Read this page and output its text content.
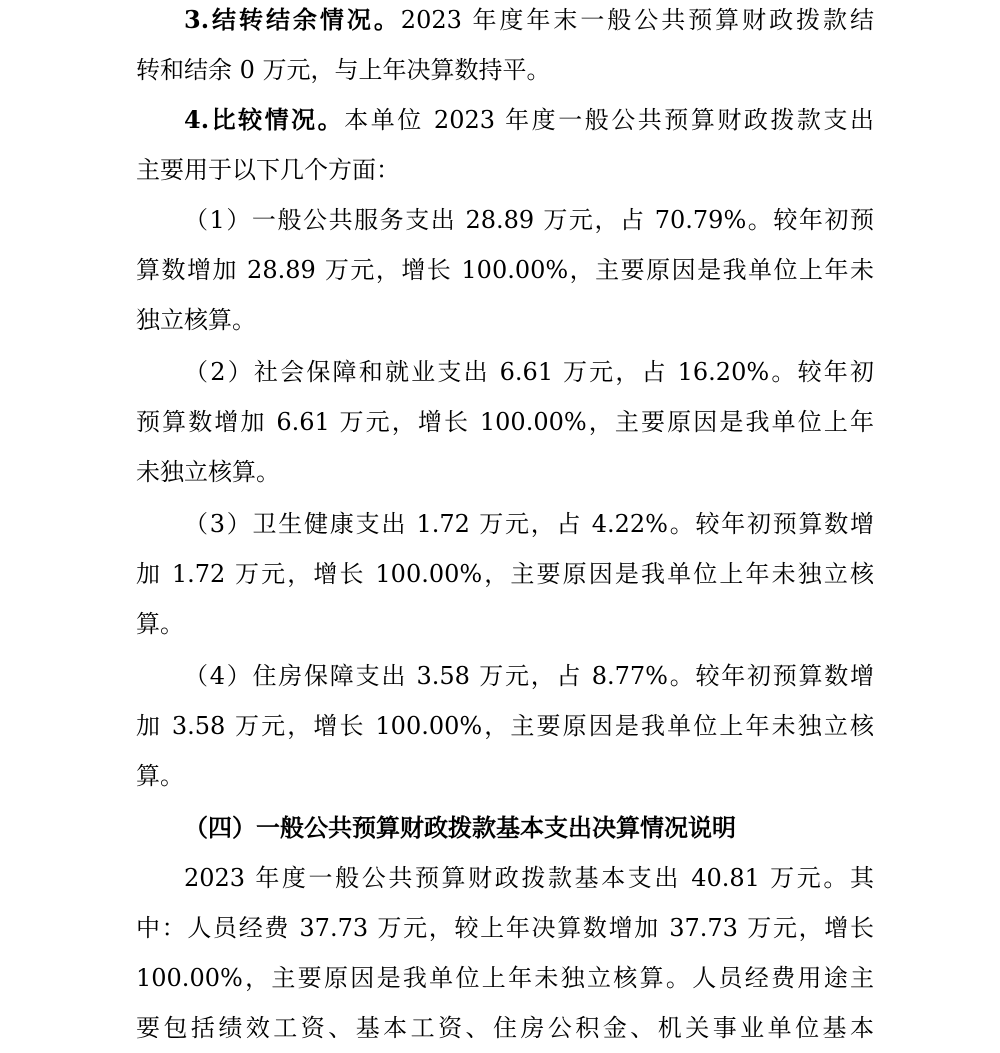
3.结转结余情况。2023 年度年末一般公共预算财政拨款结
转和结余 0 万元，与上年决算数持平。
4.比较情况。本单位 2023 年度一般公共预算财政拨款支出
主要用于以下几个方面：
（1）一般公共服务支出 28.89 万元，占 70.79%。较年初预
算数增加 28.89 万元，增长 100.00%，主要原因是我单位上年未
独立核算。
（2）社会保障和就业支出 6.61 万元，占 16.20%。较年初
预算数增加 6.61 万元，增长 100.00%，主要原因是我单位上年
未独立核算。
（3）卫生健康支出 1.72 万元，占 4.22%。较年初预算数增
加 1.72 万元，增长 100.00%，主要原因是我单位上年未独立核
算。
（4）住房保障支出 3.58 万元，占 8.77%。较年初预算数增
加 3.58 万元，增长 100.00%，主要原因是我单位上年未独立核
算。
（四）一般公共预算财政拨款基本支出决算情况说明
2023 年度一般公共预算财政拨款基本支出 40.81 万元。其
中：人员经费 37.73 万元，较上年决算数增加 37.73 万元，增长
100.00%，主要原因是我单位上年未独立核算。人员经费用途主
要包括绩效工资、基本工资、住房公积金、机关事业单位基本
